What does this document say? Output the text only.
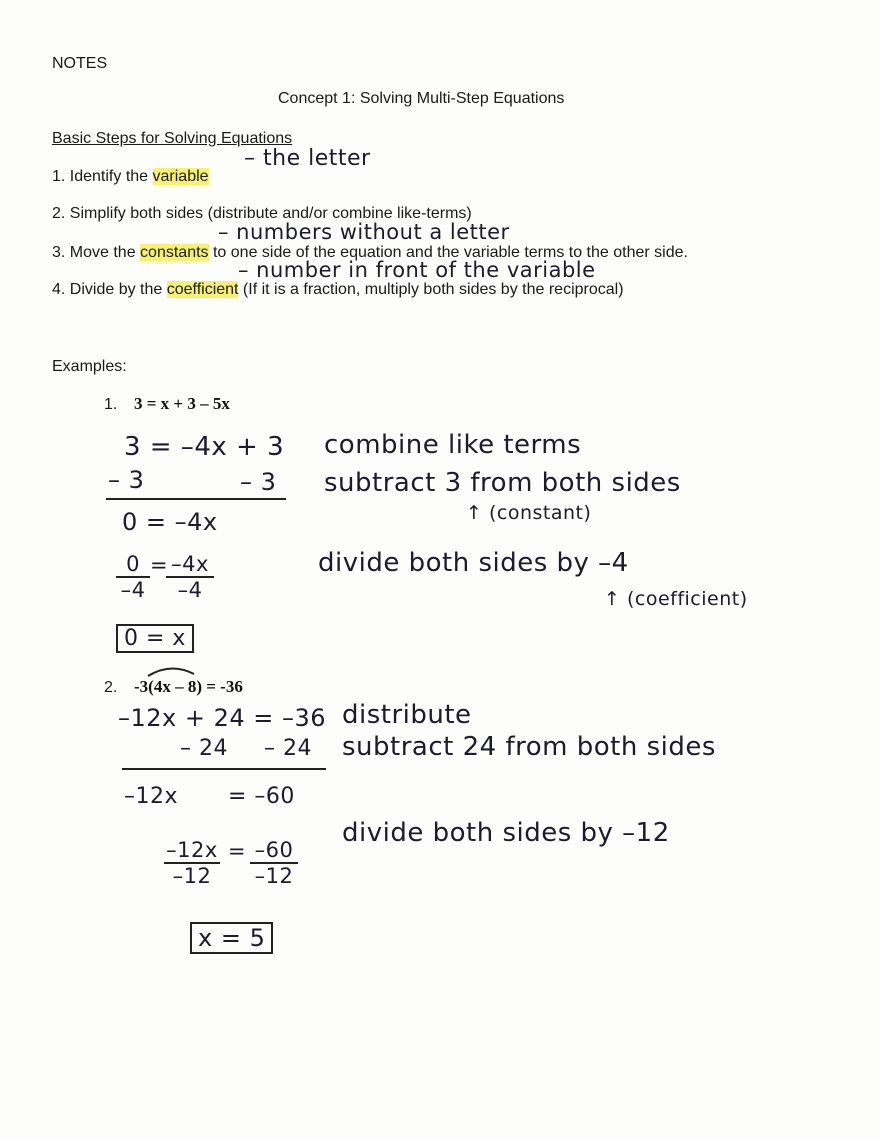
NOTES
Concept 1: Solving Multi-Step Equations
Basic Steps for Solving Equations
1. Identify the variable
– the letter
2. Simplify both sides (distribute and/or combine like-terms)
– numbers without a letter
3. Move the constants to one side of the equation and the variable terms to the other side.
– number in front of the variable
4. Divide by the coefficient (If it is a fraction, multiply both sides by the reciprocal)
Examples:
1. 3 = x + 3 – 5x
3 = –4x + 3 combine like terms
– 3	– 3 subtract 3 from both sides
↑ (constant)
0 = –4x
$\frac{0}{-4}$ =
$\frac{-4x}{-4}$	divide both sides by –4
↑ (coefficient)
0 = x
2. -3(4x – 8) = -36
–12x + 24 = –36 distribute
– 24 – 24 subtract 24 from both sides
–12x = –60
$\frac{-12x}{-12} = \frac{-60}{-12}$
divide both sides by –12
x = 5
